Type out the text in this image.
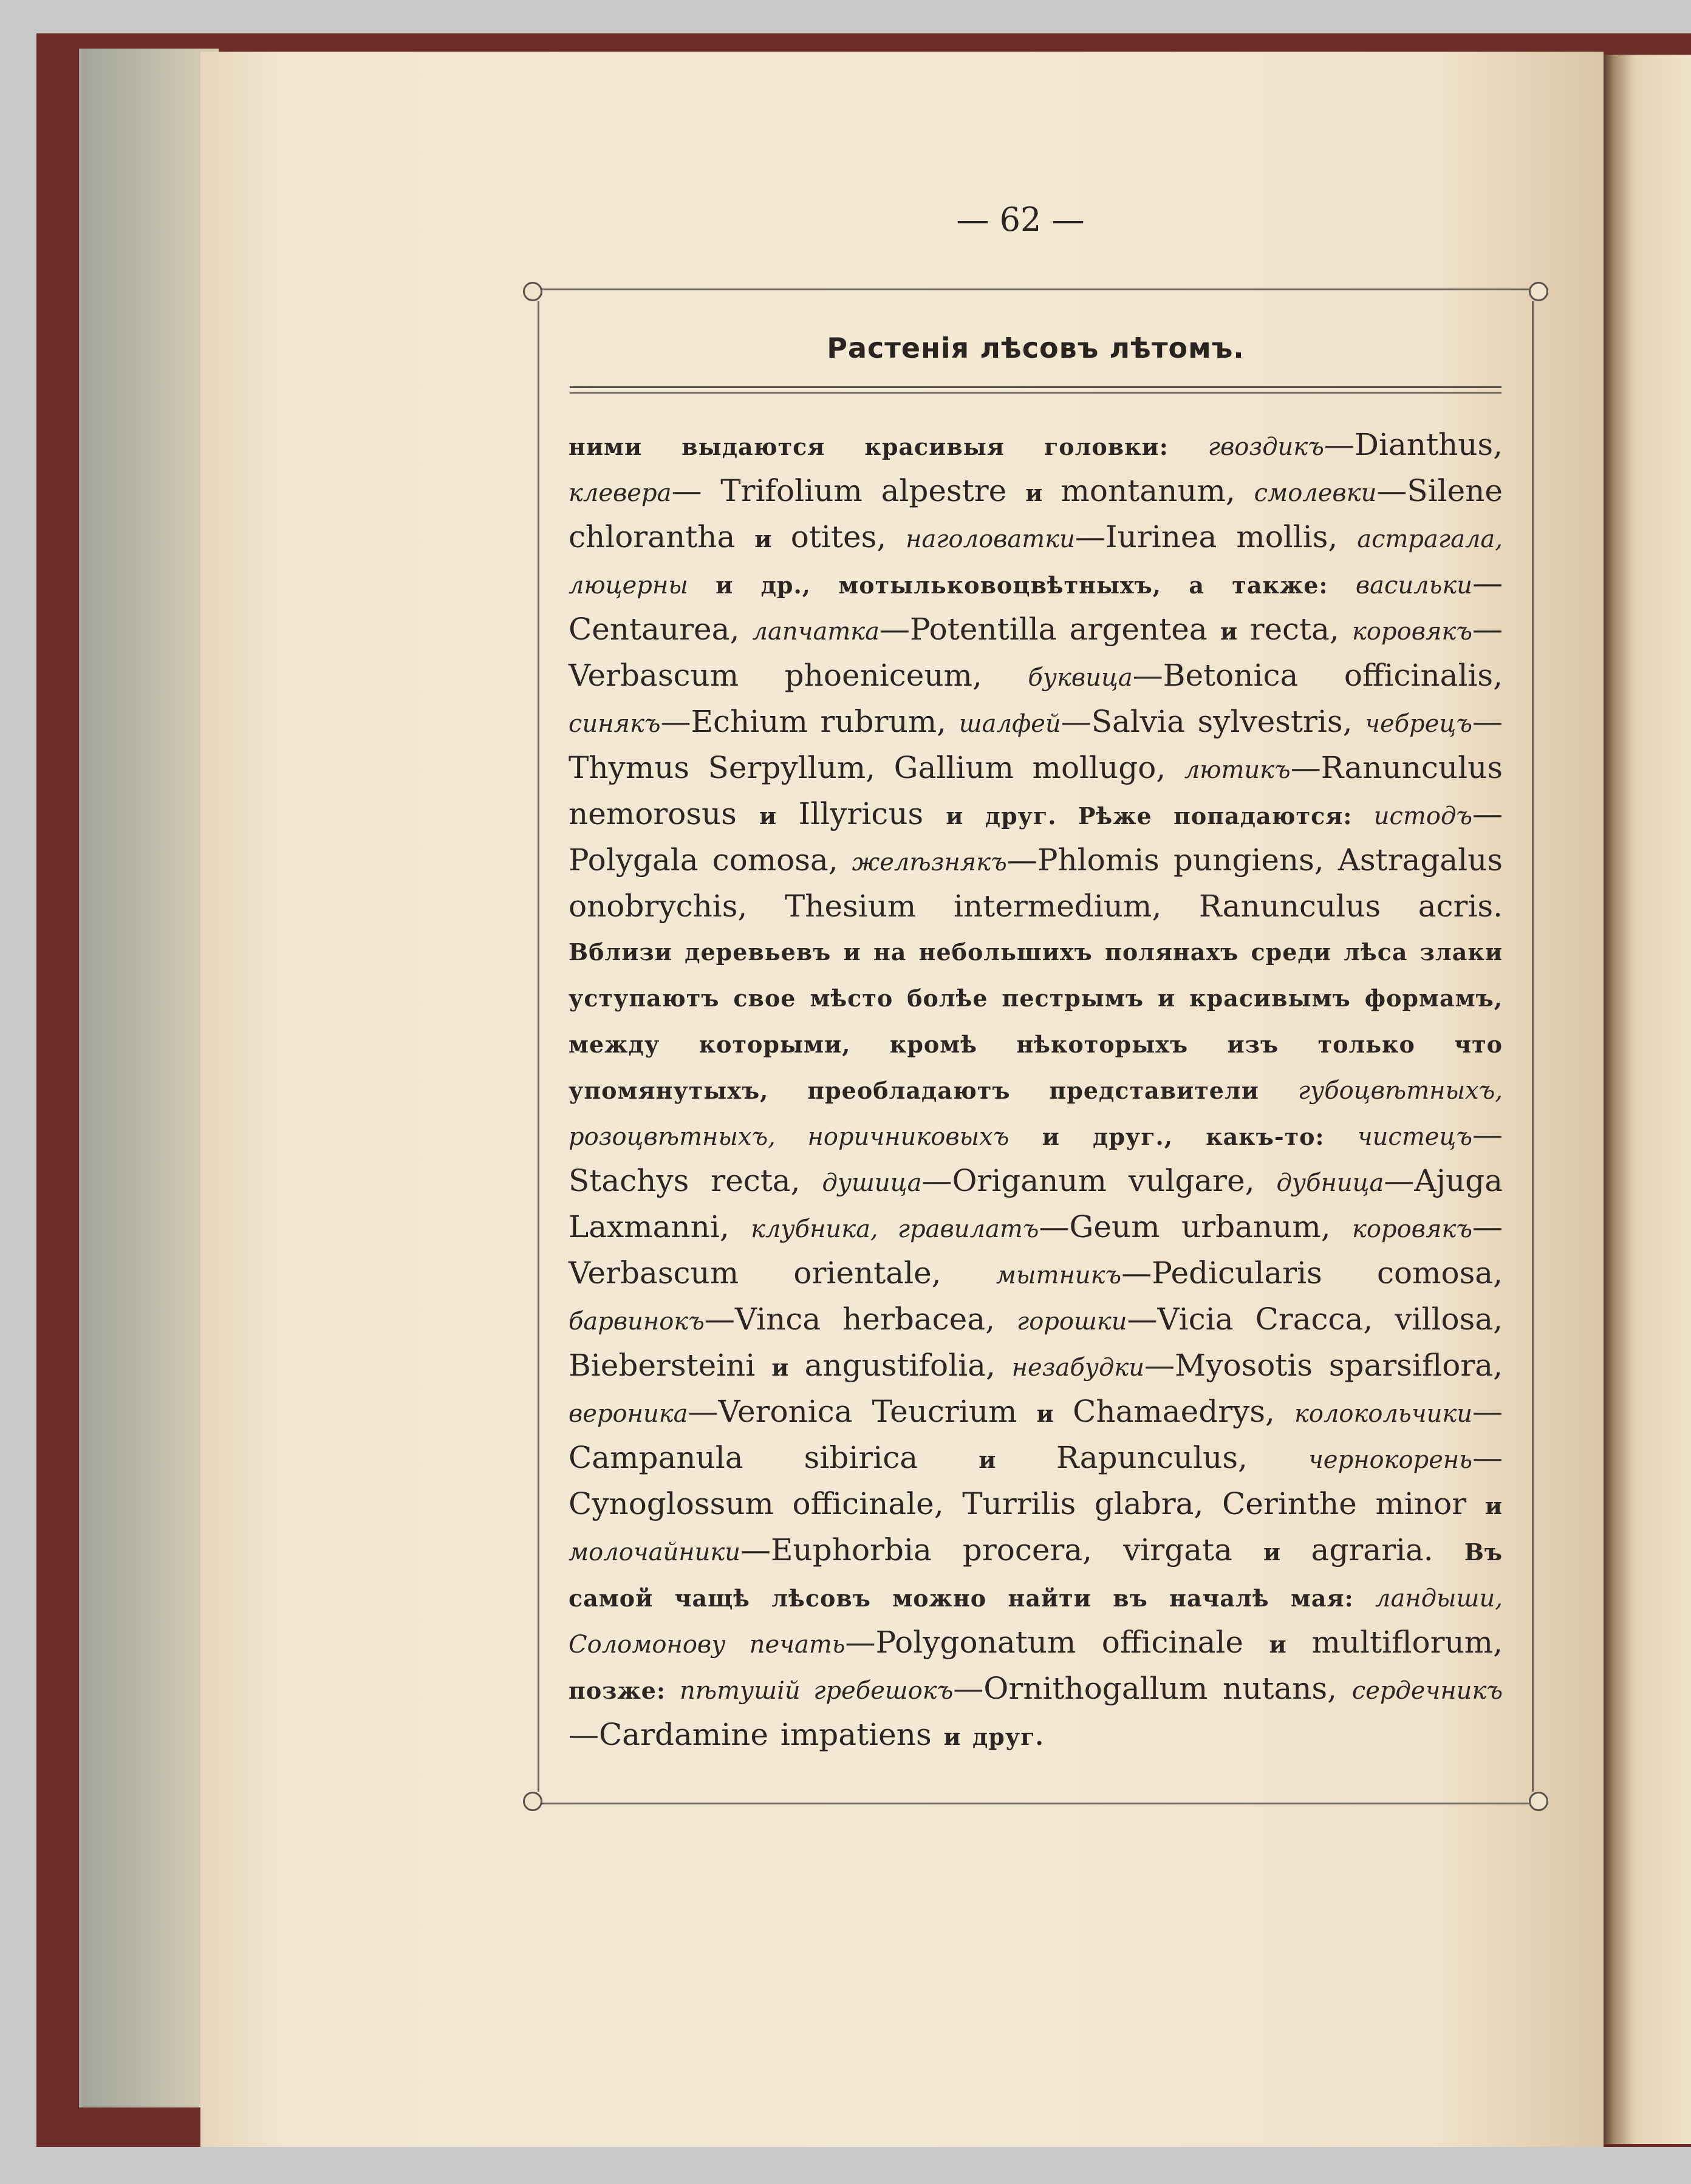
— 62 —
Растенія лѣсовъ лѣтомъ.
ними выдаются красивыя головки: гвоздикъ—Dianthus, клевера— Trifolium alpestre и montanum, смолевки—Silene chlorantha и otites, наголоватки—Iurinea mollis, астрагала, люцерны и др., мотыльковоцвѣтныхъ, а также: васильки—Centaurea, лапчатка—Potentilla argentea и recta, коровякъ—Verbascum phoeniceum, буквица—Betonica officinalis, синякъ—Echium rubrum, шалфей—Salvia sylvestris, чебрецъ—Thymus Serpyllum, Gallium mollugo, лютикъ—Ranunculus nemorosus и Illyricus и друг. Рѣже попадаются: истодъ—Polygala comosa, желѣзнякъ—Phlomis pungiens, Astragalus onobrychis, Thesium intermedium, Ranunculus acris. Вблизи деревьевъ и на небольшихъ полянахъ среди лѣса злаки уступаютъ свое мѣсто болѣе пестрымъ и красивымъ формамъ, между которыми, кромѣ нѣкоторыхъ изъ только что упомянутыхъ, преобладаютъ представители губоцвѣтныхъ, розоцвѣтныхъ, норичниковыхъ и друг., какъ-то: чистецъ—Stachys recta, душица—Origanum vulgare, дубница—Ajuga Laxmanni, клубника, гравилатъ—Geum urbanum, коровякъ—Verbascum orientale, мытникъ—Pedicularis comosa, барвинокъ—Vinca herbacea, горошки—Vicia Cracca, villosa, Biebersteini и angustifolia, незабудки—Myosotis sparsiflora, вероника—Veronica Teucrium и Chamaedrys, колокольчики—Campanula sibirica и Rapunculus, чернокорень—Cynoglossum officinale, Turrilis glabra, Cerinthe minor и молочайники—Euphorbia procera, virgata и agraria. Въ самой чащѣ лѣсовъ можно найти въ началѣ мая: ландыши, Соломонову печать—Polygonatum officinale и multiflorum, позже: пѣтушій гребешокъ—Ornithogallum nutans, сердечникъ—Cardamine impatiens и друг.
